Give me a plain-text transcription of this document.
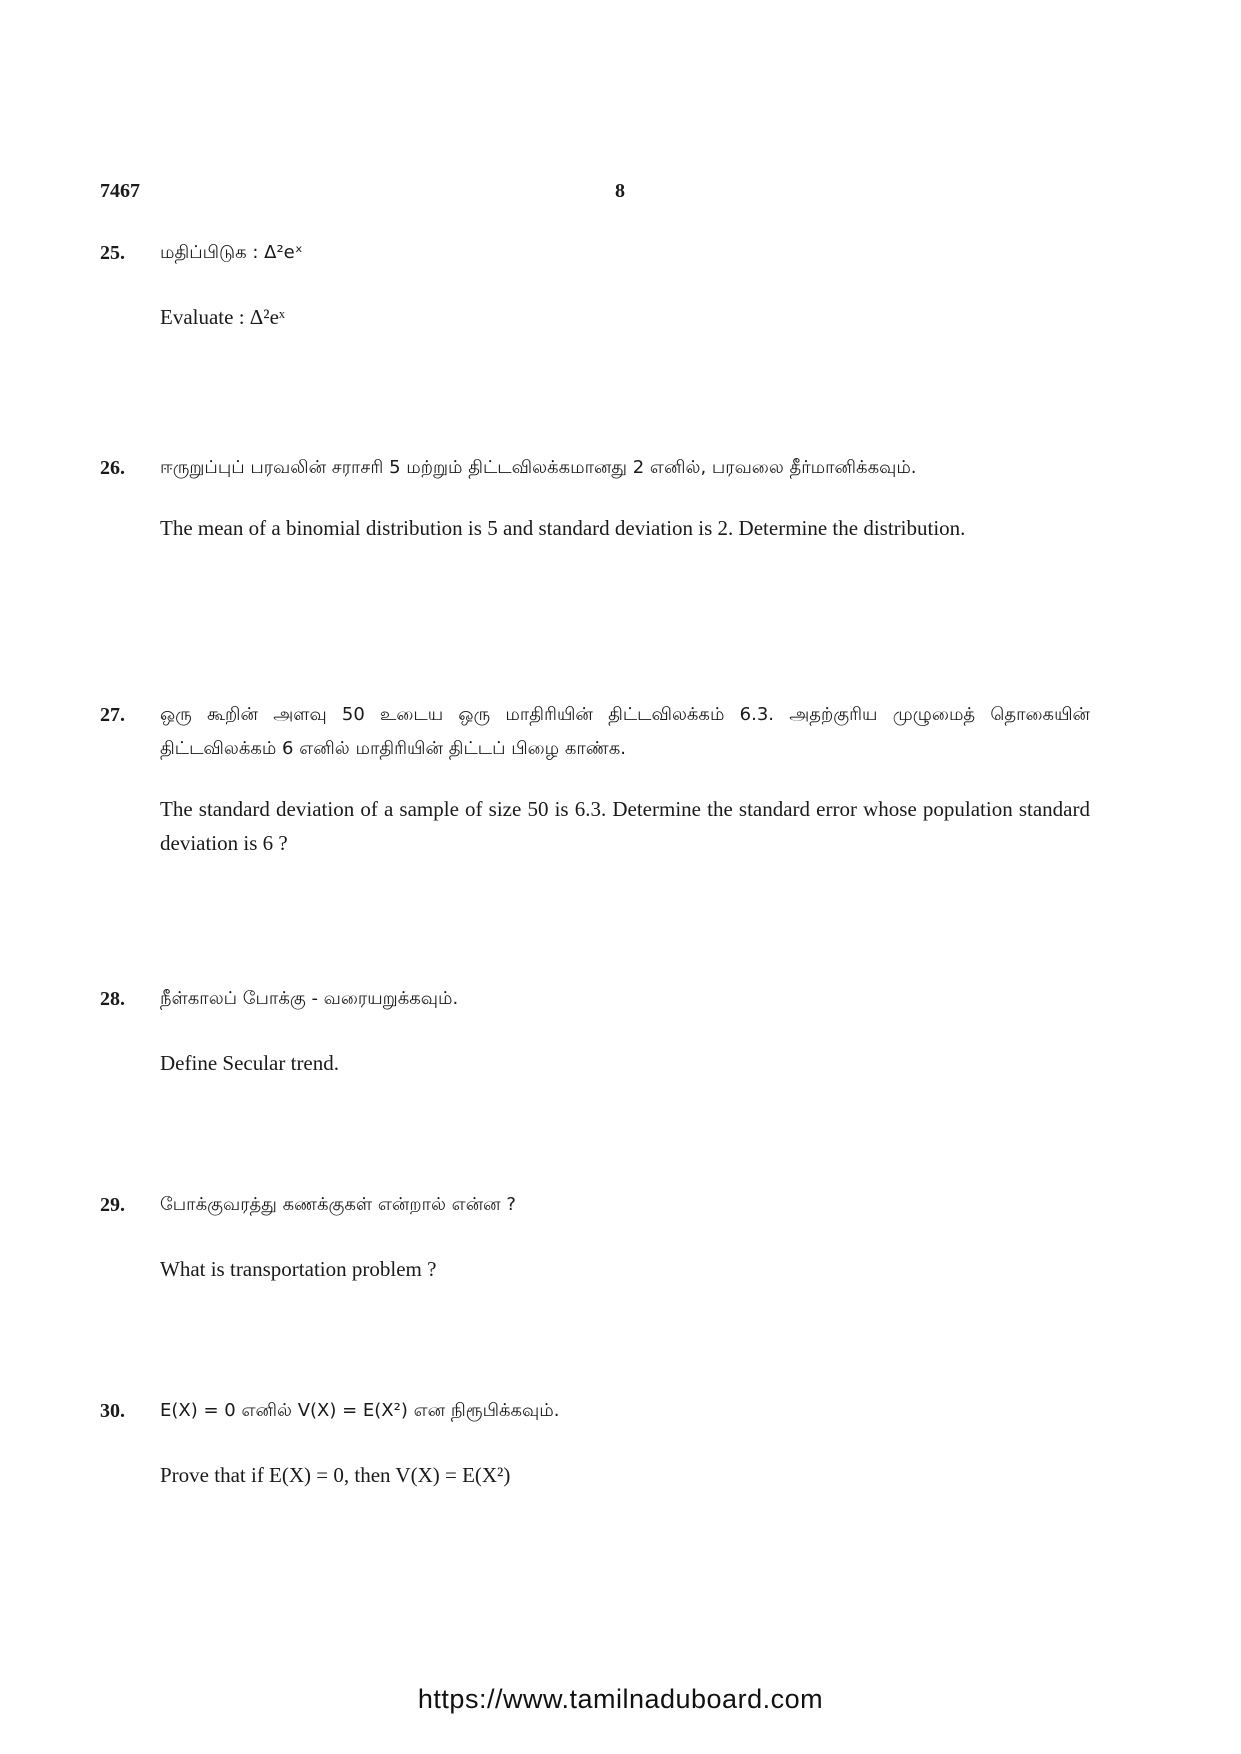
7467	8
25. மதிப்பிடுக : Δ²eˣ
Evaluate : Δ²eˣ
26. ஈருறுப்புப் பரவலின் சராசரி 5 மற்றும் திட்டவிலக்கமானது 2 எனில், பரவலை தீர்மானிக்கவும்.
The mean of a binomial distribution is 5 and standard deviation is 2. Determine the distribution.
27. ஒரு கூறின் அளவு 50 உடைய ஒரு மாதிரியின் திட்டவிலக்கம் 6.3. அதற்குரிய முழுமைத் தொகையின் திட்டவிலக்கம் 6 எனில் மாதிரியின் திட்டப் பிழை காண்க.
The standard deviation of a sample of size 50 is 6.3. Determine the standard error whose population standard deviation is 6 ?
28. நீள்காலப் போக்கு - வரையறுக்கவும்.
Define Secular trend.
29. போக்குவரத்து கணக்குகள் என்றால் என்ன ?
What is transportation problem ?
30. E(X) = 0 எனில் V(X) = E(X²) என நிரூபிக்கவும்.
Prove that if E(X) = 0, then V(X) = E(X²)
https://www.tamilnaduboard.com
